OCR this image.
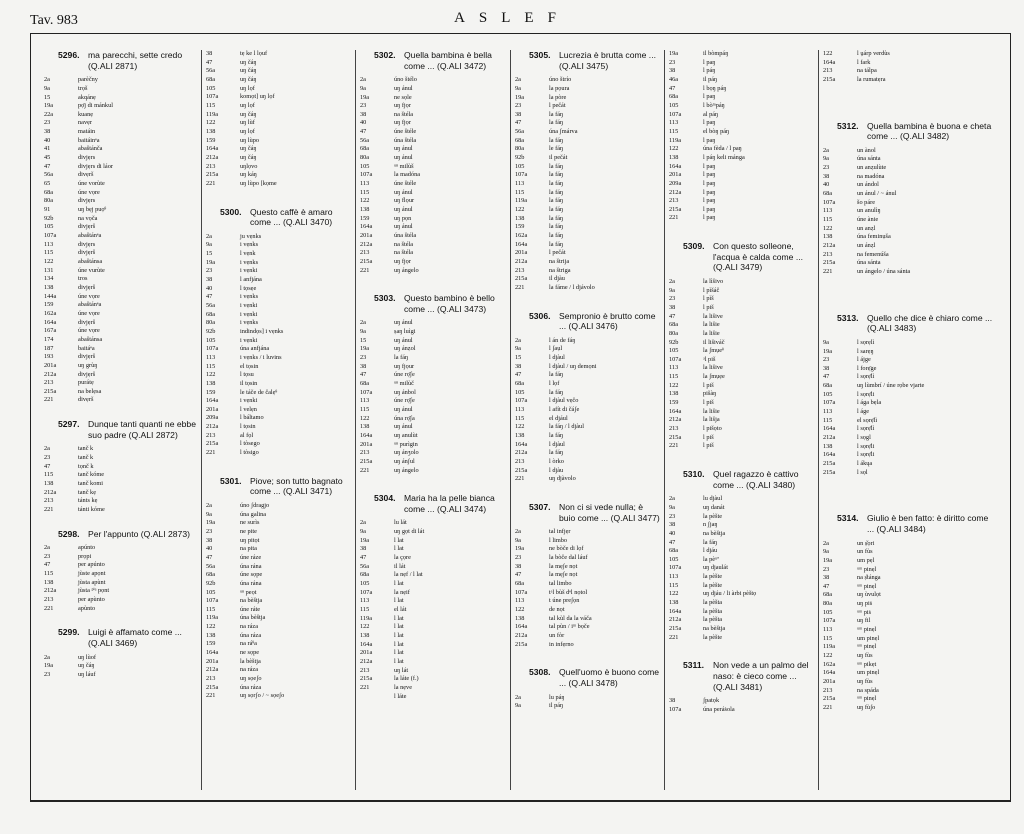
Tav. 983	ASLEF
5296. ma parecchi, sette credo (Q.ALI 2871)
2a	parèčny
9a	trọš
15	akqánẹ
19a	pọ̄j di mánkul
22a	kuanẹ
23	navẹr
38	matáin
40	baitáinᵉa
41	abaštánča
45	divjẹrs
47	divjẹrs di láor
56a	divẹrš
65	úne vorùte
68a	úne vọre
80a	divjẹrs
91	uŋ bẹj puọᶿ
92b	na vọča
105	divjẹrš
107a	abaštánᵉa
113	divjẹrs
115	divjẹrš
122	abaštánsa
131	úne vurùte
134	tros
138	divjẹrš
144a	úne vọre
159	abaštánᵉa
162a	úne vọre
164a	divjẹrš
167a	úne vọre
174	abaštánsa
187	baitáᵉa
193	divjẹrš
201a	uŋ grùŋ
212a	divjẹrš
213	purátẹ
215a	na belẹsa
221	divẹrš
5297. Dunque tanti quanti ne ebbe suo padre (Q.ALI 2872)
2a	tanč k
23	tanč k
47	tọnč k
115	tanč kóme
138	tanč komi
212a	tanč kẹ
213	tánts kẹ
221	tánti kóme
5298. Per l'appunto (Q.ALI 2873)
2a	apúnto
23	prọpi
47	per apúnto
115	jùste apọnt
138	jùsta apùnt
212a	jùsta ᵖⁱᵃ pọnt
213	per apùnto
221	apùnto
5299. Luigi è affamato come ... (Q.ALI 3469)
2a	uŋ lùof
19a	uŋ čáŋ
23	uŋ láuf
38	tẹ ke l lọuf
47	uŋ čáŋ
56a	uŋ čáŋ
68a	uŋ čáŋ
105	uŋ lọf
107a	komọt] uŋ lọf
115	uŋ lọf
119a	uŋ čáŋ
122	uŋ lùf
138	uŋ lọf
159	uŋ lùpo
164a	uŋ čáŋ
212a	uŋ čáŋ
213	uŋlọvo
215a	uŋ káŋ
221	uŋ lùpo [kọme
5300. Questo caffè è amaro come ... (Q.ALI 3470)
2a	ju vẹnks
9a	i vẹnks
15	l vẹnk
19a	i vẹnks
23	i vẹnki
38	l anfjána
40	l tọsẹe
47	i vẹnks
56a	i vẹnki
68a	i vẹnki
80a	i vẹnks
92b	indindọs] i vẹnks
105	i vẹnki
107a	úna anfjána
113	i vẹnks / i luvins
115	el tọsin
122	l tọsu
138	il tọsin
159	le táče de čalẹᶿ
164a	i vẹnki
201a	l velẹn
209a	l báltamo
212a	l tọsin
213	al fọl
215a	l tòsego
221	l tòsigo
5301. Piove; son tutto bagnato come ... (Q.ALI 3471)
2a	úno ʃdragjo
9a	úna galina
19a	ne surìs
23	ne pite
38	uŋ pitọt
40	na pita
47	úne ráze
56a	úna rána
68a	úne sọpe
92b	úna rána
105	ᵘⁿ peọt
107a	na bèštja
115	úne ráte
119a	úna bèštja
122	na ráza
138	úna ráza
159	na ráᶿa
164a	ne sọpe
201a	la bèštja
212a	na ráza
213	uŋ sọeʃo
215a	úna ráza
221	uŋ sọrʃo / ~ sọeʃo
5302. Quella bambina è bella come ... (Q.ALI 3472)
2a	úno štélo
9a	uŋ ánul
19a	ne sọle
23	uŋ fjọr
38	na štéla
40	uŋ fjọr
47	úne štéle
56a	úna štéla
68a	uŋ ánul
80a	uŋ ánul
105	ᵘⁿ milùš
107a	la madóna
113	úne štéle
115	uŋ ánul
122	uŋ flọur
138	uŋ ánul
159	uŋ pọn
164a	uŋ ánul
201a	úna štéla
212a	na štéla
213	na štéla
215a	uŋ fjọr
221	uŋ ángelo
5303. Questo bambino è bello come ... (Q.ALI 3473)
2a	uŋ ánul
9a	ṣaŋ luìgi
15	uŋ ánul
19a	uŋ ánẓol
23	la fáŋ
38	uŋ fjọur
47	úne rọ̄ʃe
68a	ᵘⁿ milùč
107a	uŋ ánbol
113	úne rọ̄ʃe
115	uŋ ánul
122	úna rọ̄ʃa
138	uŋ ánul
164a	uŋ anulùt
201a	ᵘⁿ purìgin
213	uŋ ánʒolo
215a	uŋ ánʃul
221	uŋ ángelo
5304. Maria ha la pelle bianca come ... (Q.ALI 3474)
2a	lu lát
9a	uŋ gọt di lát
19a	l lat
38	l lat
47	la çọre
56a	il lát
68a	la nẹf / l lat
105	l lat
107a	la nẹif
113	l lat
115	el lát
119a	l lat
122	l lat
138	l lat
164a	l lat
201a	l lat
212a	l lat
213	uŋ lát
215a	la láte (f.)
221	la nẹve
l láte
5305. Lucrezia è brutta come ... (Q.ALI 3475)
2a	úno štrío
9a	la pọura
19a	la pòre
23	l pečát
38	la fáŋ
47	la fáŋ
56a	úna ʃmárva
68a	la fáŋ
80a	le fáŋ
92b	il pečát
105	la fáŋ
107a	la fáŋ
113	la fáŋ
115	la fáŋ
119a	la fáŋ
122	la fáŋ
138	la fáŋ
159	la fáŋ
162a	la fáŋ
164a	la fáŋ
201a	l pečát
212a	na štrija
213	na štriga
215a	il djàu
221	la fáme / l djávolo
5306. Sempronio è brutto come ... (Q.ALI 3476)
2a	l án de fáŋ
9a	l ʃaụl
15	l djàul
38	l djàul / uŋ demọni
47	la fáŋ
68a	l lọf
105	la fáŋ
107a	l djàul vẹčo
113	l afít di čáʃe
115	el djául
122	la fáŋ / l djàul
138	la fáŋ
164a	l djàul
212a	la fáŋ
213	l òrko
215a	l djàu
221	uŋ djàvolo
5307. Non ci si vede nulla; è buio come ... (Q.ALI 3477)
2a	tal infjẹr
9a	l limbo
19a	ne bòče di lọf
23	la bòče dal láuf
38	la mẹʃe nọt
47	la mẹʃe nọt
68a	tal limbo
107a	tᵃl bùš dᵉl nọtol
113	t úne preʃọn
122	de nọt
138	tal kùl da la váča
164a	tal pùn / iᵐ bọče
212a	un fòr
215a	in infẹrno
5308. Quell'uomo è buono come ... (Q.ALI 3478)
2a	lu páŋ
9a	il páŋ
19a	il bòmpáŋ
23	l paŋ
38	l páŋ
46a	il páŋ
47	l bọŋ páŋ
68a	l paŋ
105	l bòᵐpáŋ
107a	al páŋ
113	l paŋ
115	el bòŋ páŋ
119a	l paŋ
122	úna fèda / l paŋ
138	l páŋ keli mánga
164a	l paŋ
201a	l paŋ
209a	l paŋ
212a	l paŋ
213	l paŋ
215a	l paŋ
221	l paŋ
5309. Con questo solleone, l'acqua è calda come ... (Q.ALI 3479)
2a	la lìšivo
9a	l pìšáč
23	l pìš
38	l piš
47	la lišive
68a	la lišie
80a	la lišie
92b	il lišiváč
105	la ʃmụeᶿ
107a	ᵃl piš
113	la lišive
115	la ʃmụẹe
122	l piš
138	pišàŋ
159	l piš
164a	la lišie
212a	la lišja
213	l pišọto
215a	l piš
221	l piš
5310. Quel ragazzo è cattivo come ... (Q.ALI 3480)
2a	lu djàul
9a	uŋ danát
23	la pèšte
38	n ʃjaŋ
40	na bèštja
47	la fáŋ
68a	l djáu
105	la pèᵘª
107a	uŋ djaulát
113	la pèšte
115	la pèšte
122	uŋ djáu / li àrbi pèštọ
138	la pèšta
164a	la pèšta
212a	la pèšta
215a	na bèštja
221	la pèšte
5311.	Non vede a un palmo del naso: è cieco come ... (Q.ALI 3481)
38	ʃpatọk
107a	úna peráṡola
122	l ṵárp verdùs
164a	l fark
213	na tálpa
215a	la rumatẹra
5312. Quella bambina è buona e cheta come ... (Q.ALI 3482)
2a	un ànol
9a	úna sánta
23	un anẓulùte
38	na madóna
40	un ándol
68a	un ánul / ~ ánul
107a	šo páre
113	un anulìŋ
115	úne ànie
122	un anẓl
138	úna feminụša
212a	un ánẓl
213	na femenúša
215a	úna sánta
221	un ángelo / úna sánta
5313. Quello che dice è chiaro come ... (Q.ALI 3483)
9a	l sọrẹlì
19a	l sarẹŋ
23	l ájge
38	l forẹ̄ge
47	l sọrẹ̄lì
68a	uŋ lùmbrí / úne rọbe vjarte
105	l sọrẹ̄li
107a	l ága bẹla
113	l áge
115	el sọrẹ̄lì
164a	l sọrẹ̄lì
212a	l sọgl
138	l sọrẹ̄li
164a	l sọrẹ̄li
215a	l ákųa
215a	l sọl
5314. Giulio è ben fatto: è diritto come ... (Q.ALI 3484)
2a	un ṣ̌ọri
9a	un fùs
19a	um pẹl
23	ᵘᵐ pinẹl
38	na ṣ̌tánga
47	ᵘᵐ pinẹl
68a	uŋ ùvulọt
80a	uŋ piṡ
105	ᵘᵐ piṡ
107a	uŋ fil
113	ᵘᵐ pinẹl
115	um pinẹl
119a	ᵘᵐ pinẹl
122	uŋ fùs
162a	ᵘᵐ pikẹt
164a	um pinẹl
201a	uŋ fùs
213	na spáda
215a	ᵘᵐ pinẹl
221	uŋ fùʃo
